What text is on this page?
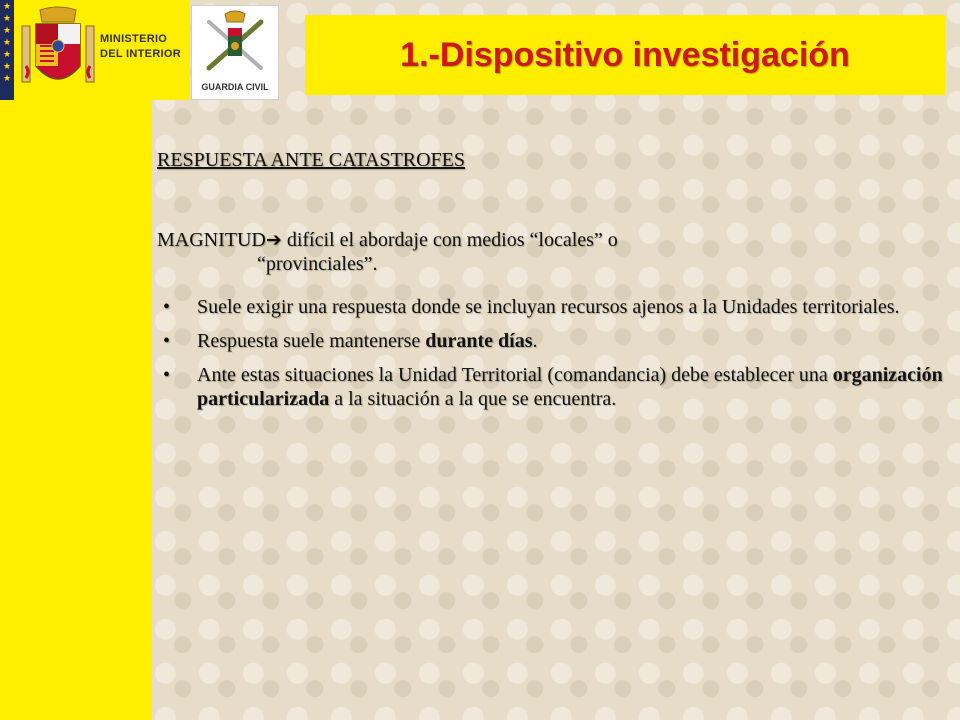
★
★
★
★
★
★
★
MINISTERIO
DEL INTERIOR
GUARDIA CIVIL
1.-Dispositivo investigación
RESPUESTA ANTE CATASTROFES
MAGNITUD➔ difícil el abordaje con medios “locales” o
“provinciales”.
• Suele exigir una respuesta donde se incluyan recursos ajenos a la Unidades territoriales.
• Respuesta suele mantenerse durante días.
• Ante estas situaciones la Unidad Territorial (comandancia) debe establecer una organización particularizada a la situación a la que se encuentra.
